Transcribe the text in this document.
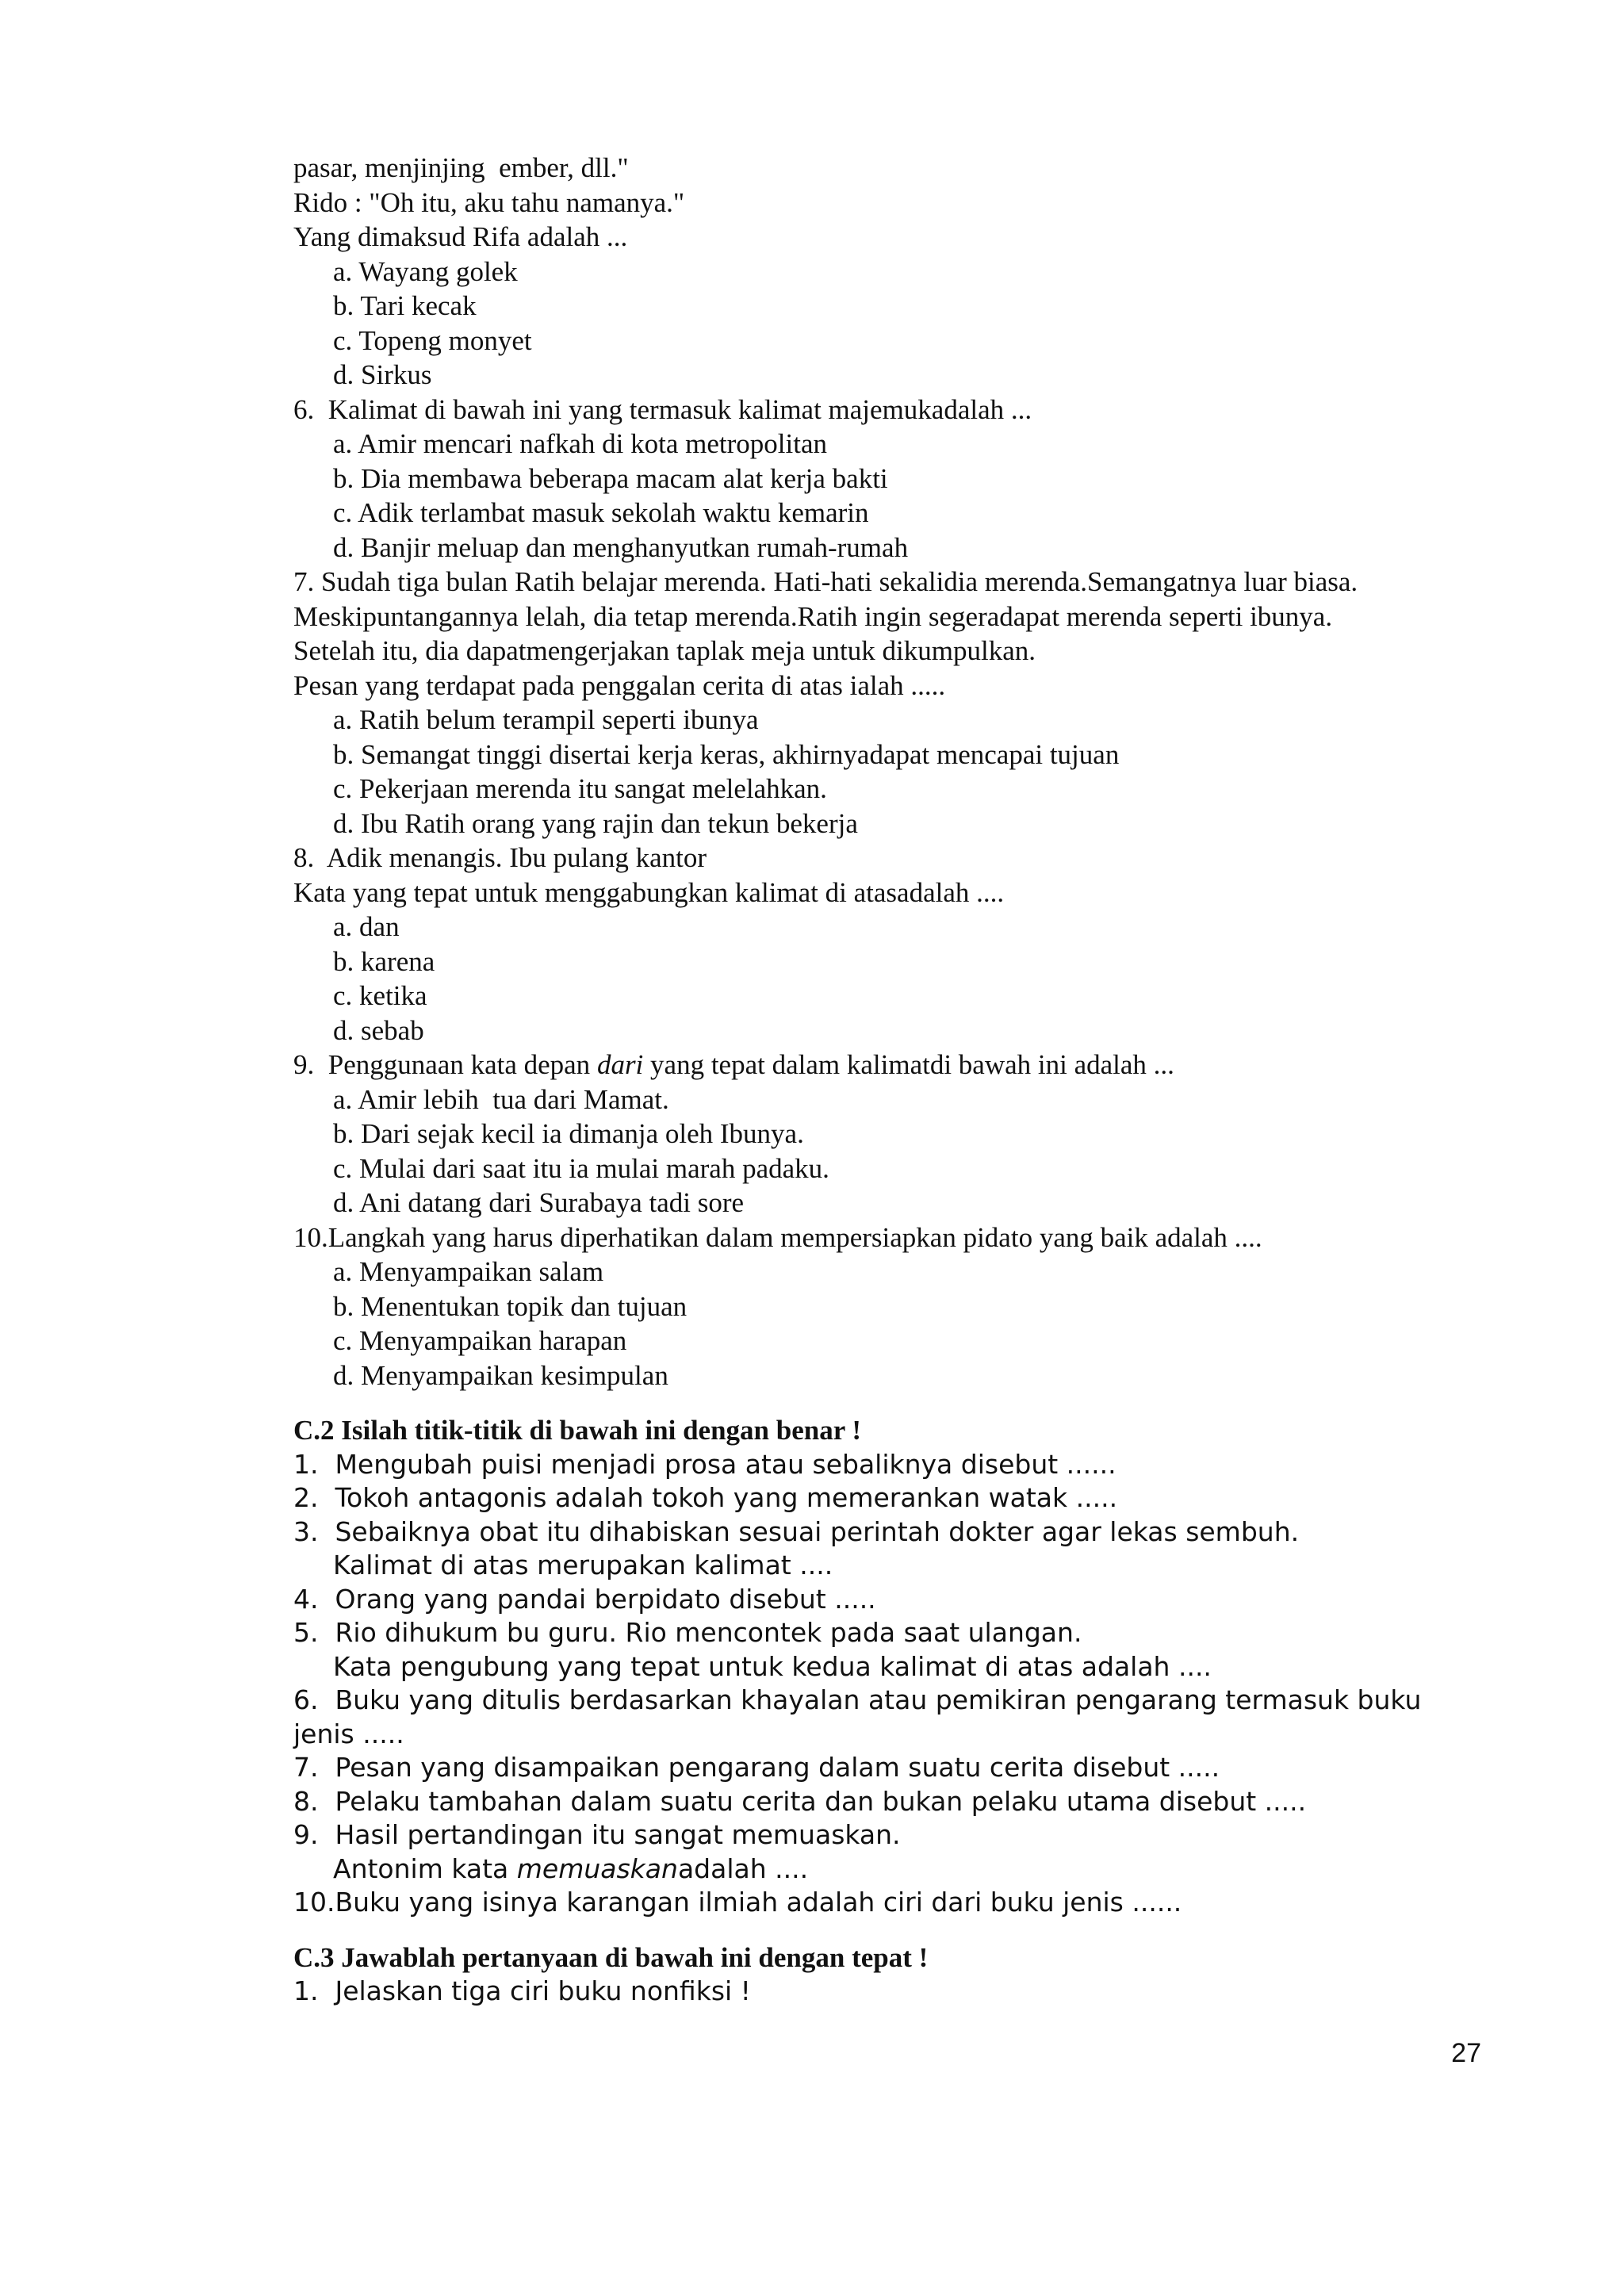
pasar, menjinjing  ember, dll."

Rido : "Oh itu, aku tahu namanya."

Yang dimaksud Rifa adalah ...

a. Wayang golek

b. Tari kecak

c. Topeng monyet

d. Sirkus

6.  Kalimat di bawah ini yang termasuk kalimat majemukadalah ...

a. Amir mencari nafkah di kota metropolitan

b. Dia membawa beberapa macam alat kerja bakti

c. Adik terlambat masuk sekolah waktu kemarin

d. Banjir meluap dan menghanyutkan rumah-rumah

7. Sudah tiga bulan Ratih belajar merenda. Hati-hati sekalidia merenda.Semangatnya luar biasa.

Meskipuntangannya lelah, dia tetap merenda.Ratih ingin segeradapat merenda seperti ibunya.

Setelah itu, dia dapatmengerjakan taplak meja untuk dikumpulkan.

Pesan yang terdapat pada penggalan cerita di atas ialah .....

a. Ratih belum terampil seperti ibunya

b. Semangat tinggi disertai kerja keras, akhirnyadapat mencapai tujuan

c. Pekerjaan merenda itu sangat melelahkan.

d. Ibu Ratih orang yang rajin dan tekun bekerja

8.  Adik menangis. Ibu pulang kantor

Kata yang tepat untuk menggabungkan kalimat di atasadalah ....

a. dan

b. karena

c. ketika

d. sebab

9.  Penggunaan kata depan dari yang tepat dalam kalimatdi bawah ini adalah ...

a. Amir lebih  tua dari Mamat.

b. Dari sejak kecil ia dimanja oleh Ibunya.

c. Mulai dari saat itu ia mulai marah padaku.

d. Ani datang dari Surabaya tadi sore

10.Langkah yang harus diperhatikan dalam mempersiapkan pidato yang baik adalah ....

a. Menyampaikan salam

b. Menentukan topik dan tujuan

c. Menyampaikan harapan

d. Menyampaikan kesimpulan

C.2 Isilah titik-titik di bawah ini dengan benar !

1.  Mengubah puisi menjadi prosa atau sebaliknya disebut ......

2.  Tokoh antagonis adalah tokoh yang memerankan watak .....

3.  Sebaiknya obat itu dihabiskan sesuai perintah dokter agar lekas sembuh.

Kalimat di atas merupakan kalimat ....

4.  Orang yang pandai berpidato disebut .....

5.  Rio dihukum bu guru. Rio mencontek pada saat ulangan.

Kata pengubung yang tepat untuk kedua kalimat di atas adalah ....

6.  Buku yang ditulis berdasarkan khayalan atau pemikiran pengarang termasuk buku

jenis .....

7.  Pesan yang disampaikan pengarang dalam suatu cerita disebut .....

8.  Pelaku tambahan dalam suatu cerita dan bukan pelaku utama disebut .....

9.  Hasil pertandingan itu sangat memuaskan.

Antonim kata memuaskanadalah ....

10.Buku yang isinya karangan ilmiah adalah ciri dari buku jenis ......

C.3 Jawablah pertanyaan di bawah ini dengan tepat !

1.  Jelaskan tiga ciri buku nonfiksi !

27
